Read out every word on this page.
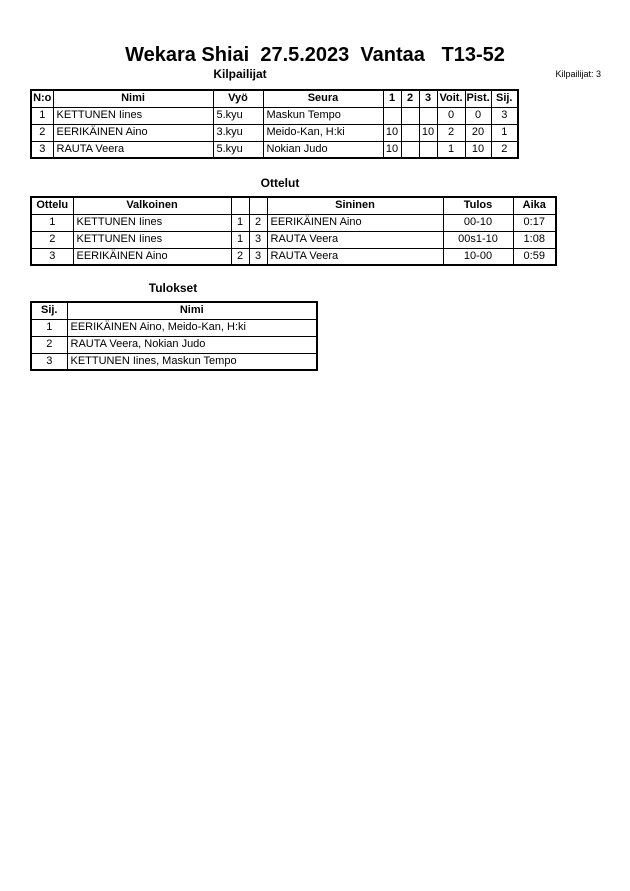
Wekara Shiai  27.5.2023  Vantaa   T13-52
Kilpailijat: 3
Kilpailijat
N:o	Nimi	Vyö	Seura	1	2	3	Voit.	Pist.	Sij.
1	KETTUNEN Iines	5.kyu	Maskun Tempo				0	0	3
2	EERIKÄINEN Aino	3.kyu	Meido-Kan, H:ki	10		10	2	20	1
3	RAUTA Veera	5.kyu	Nokian Judo	10			1	10	2
Ottelut
Ottelu	Valkoinen			Sininen	Tulos	Aika
1	KETTUNEN Iines	1	2	EERIKÄINEN Aino	00-10	0:17
2	KETTUNEN Iines	1	3	RAUTA Veera	00s1-10	1:08
3	EERIKÄINEN Aino	2	3	RAUTA Veera	10-00	0:59
Tulokset
Sij.	Nimi
1	EERIKÄINEN Aino, Meido-Kan, H:ki
2	RAUTA Veera, Nokian Judo
3	KETTUNEN Iines, Maskun Tempo
